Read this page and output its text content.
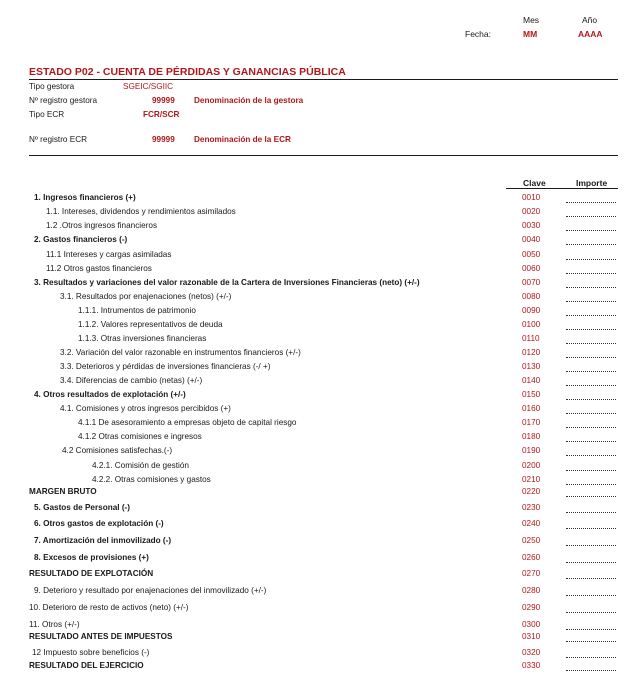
Mes	Año
Fecha:	MM	AAAA
ESTADO P02 - CUENTA DE PÉRDIDAS Y GANANCIAS PÚBLICA
Tipo gestora	SGEIC/SGIIC
Nº registro gestora	99999 Denominación de la gestora
Tipo ECR	FCR/SCR
Nº registro ECR	99999 Denominación de la ECR
Clave	Importe
1. Ingresos financieros (+)	0010
1.1. Intereses, dividendos y rendimientos asimilados	0020
1.2 .Otros ingresos financieros	0030
2. Gastos financieros (-)	0040
11.1 Intereses y cargas asimiladas	0050
11.2 Otros gastos financieros	0060
3. Resultados y variaciones del valor razonable de la Cartera de Inversiones Financieras (neto) (+/-)	0070
3.1. Resultados por enajenaciones (netos) (+/-)	0080
1.1.1. Intrumentos de patrimonio	0090
1.1.2. Valores representativos de deuda	0100
1.1.3. Otras inversiones financieras	0110
3.2. Variación del valor razonable en instrumentos financieros (+/-)	0120
3.3. Deterioros y pérdidas de inversiones financieras (-/ +)	0130
3.4. Diferencias de cambio (netas) (+/-)	0140
4. Otros resultados de explotación (+/-)	0150
4.1. Comisiones y otros ingresos percibidos (+)	0160
4.1.1 De asesoramiento a empresas objeto de capital riesgo	0170
4.1.2 Otras comisiones e ingresos	0180
4.2 Comisiones satisfechas.(-)	0190
4.2.1. Comisión de gestión	0200
4.2.2. Otras comisiones y gastos	0210
MARGEN BRUTO	0220
5. Gastos de Personal (-)	0230
6. Otros gastos de explotación (-)	0240
7. Amortización del inmovilizado (-)	0250
8. Excesos de provisiones (+)	0260
RESULTADO DE EXPLOTACIÓN	0270
9. Deterioro y resultado por enajenaciones del inmovilizado (+/-)	0280
10. Deterioro de resto de activos (neto) (+/-)	0290
11. Otros (+/-)	0300
RESULTADO ANTES DE IMPUESTOS	0310
12 Impuesto sobre beneficios (-)	0320
RESULTADO DEL EJERCICIO	0330
